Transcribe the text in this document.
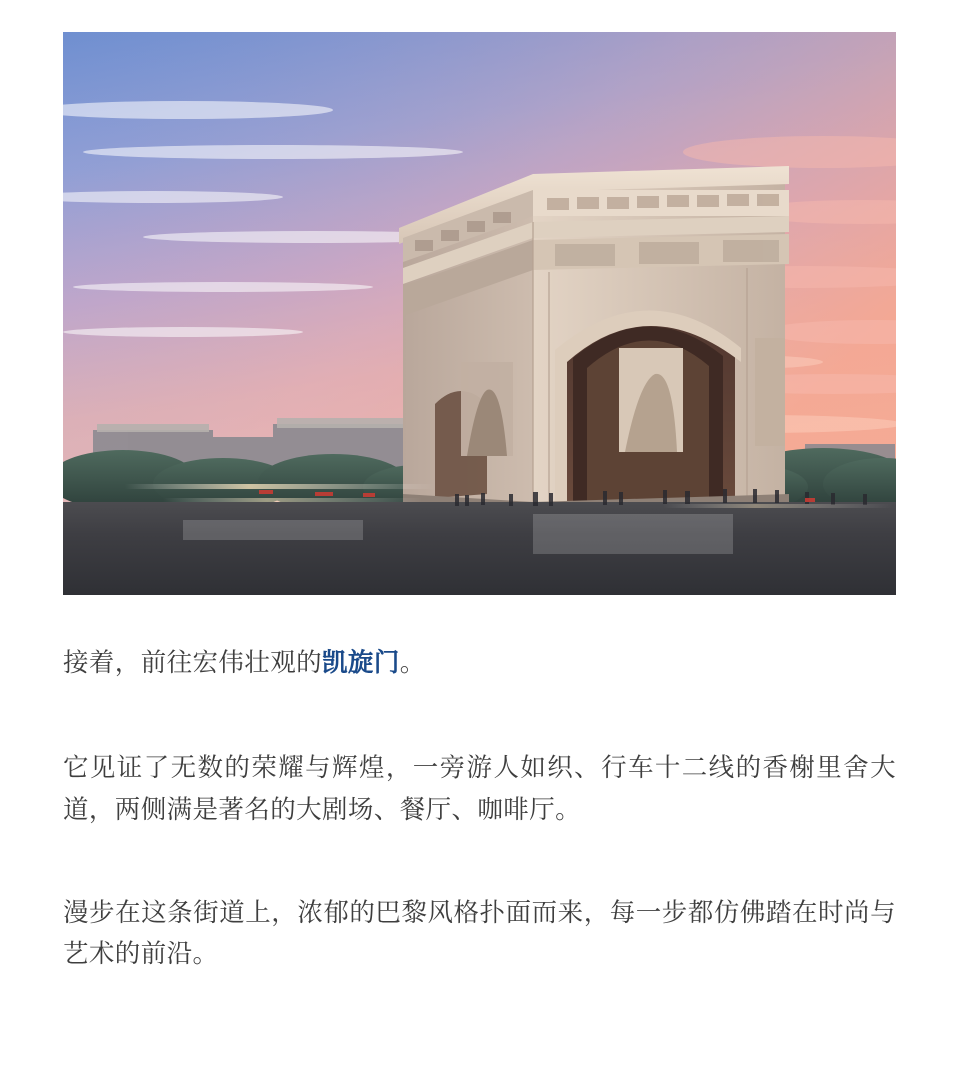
接着，前往宏伟壮观的凯旋门。

它见证了无数的荣耀与辉煌，一旁游人如织、行车十二线的香榭里舍大道，两侧满是著名的大剧场、餐厅、咖啡厅。

漫步在这条街道上，浓郁的巴黎风格扑面而来，每一步都仿佛踏在时尚与艺术的前沿。
